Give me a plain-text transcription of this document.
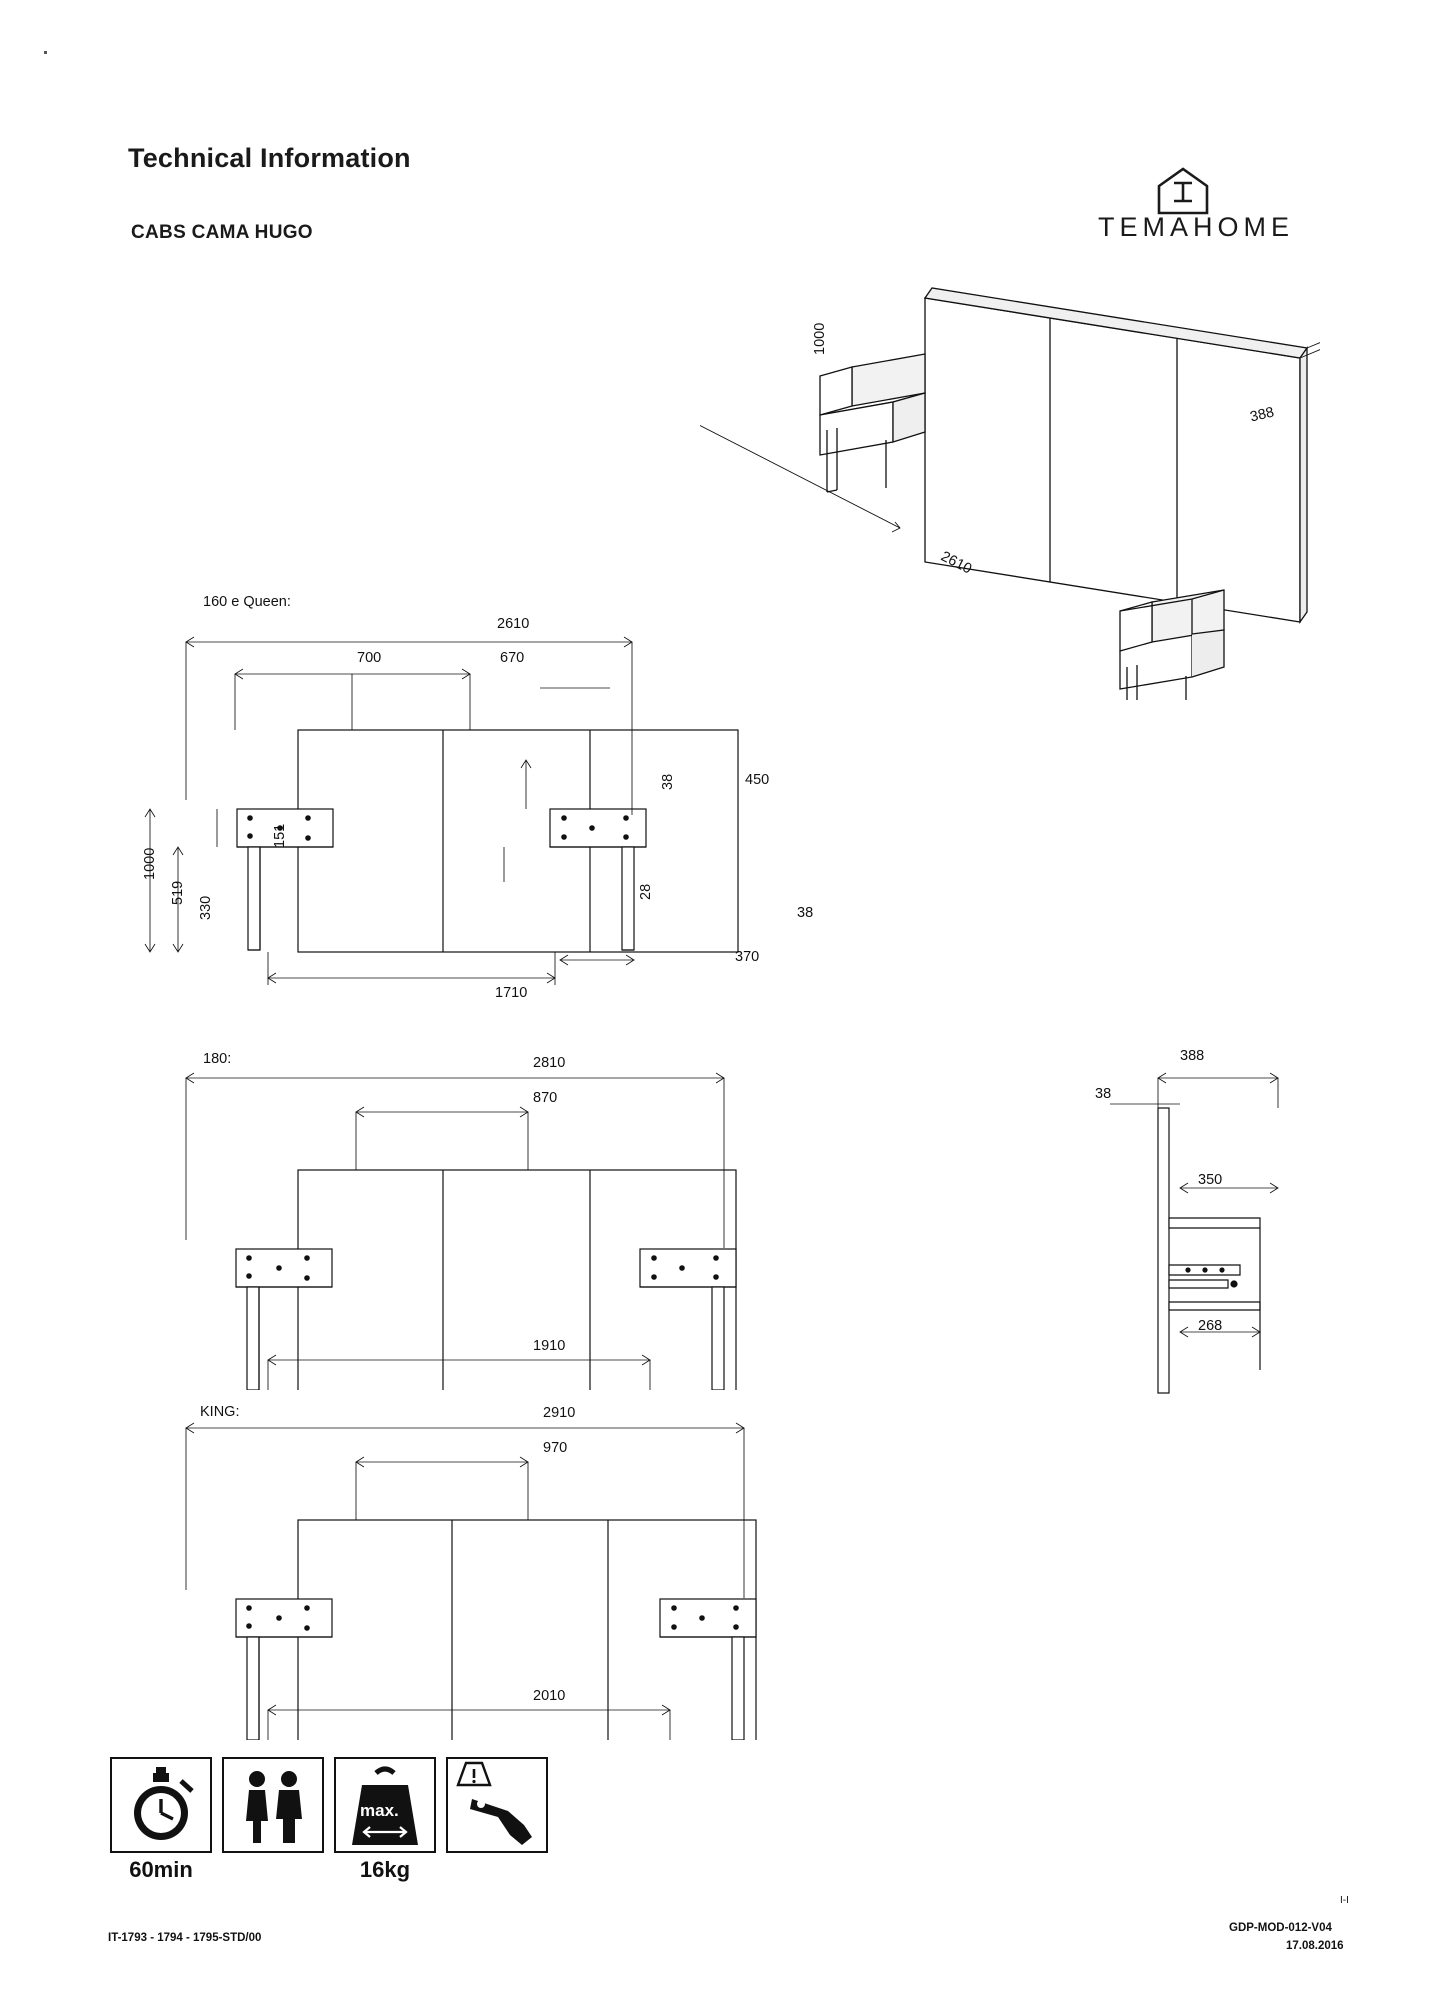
Technical Information
CABS CAMA HUGO	TEMAHOME
1000
388
2610
160 e Queen:
2610
700	670
1710
1000
519
330
151
38
28
450
370
38
180:	2810
870
1910
KING:	2910
970
2010
388
38
350
268
60min
max.
16kg
IT-1793 - 1794 - 1795-STD/00
I-I
GDP-MOD-012-V04
17.08.2016
